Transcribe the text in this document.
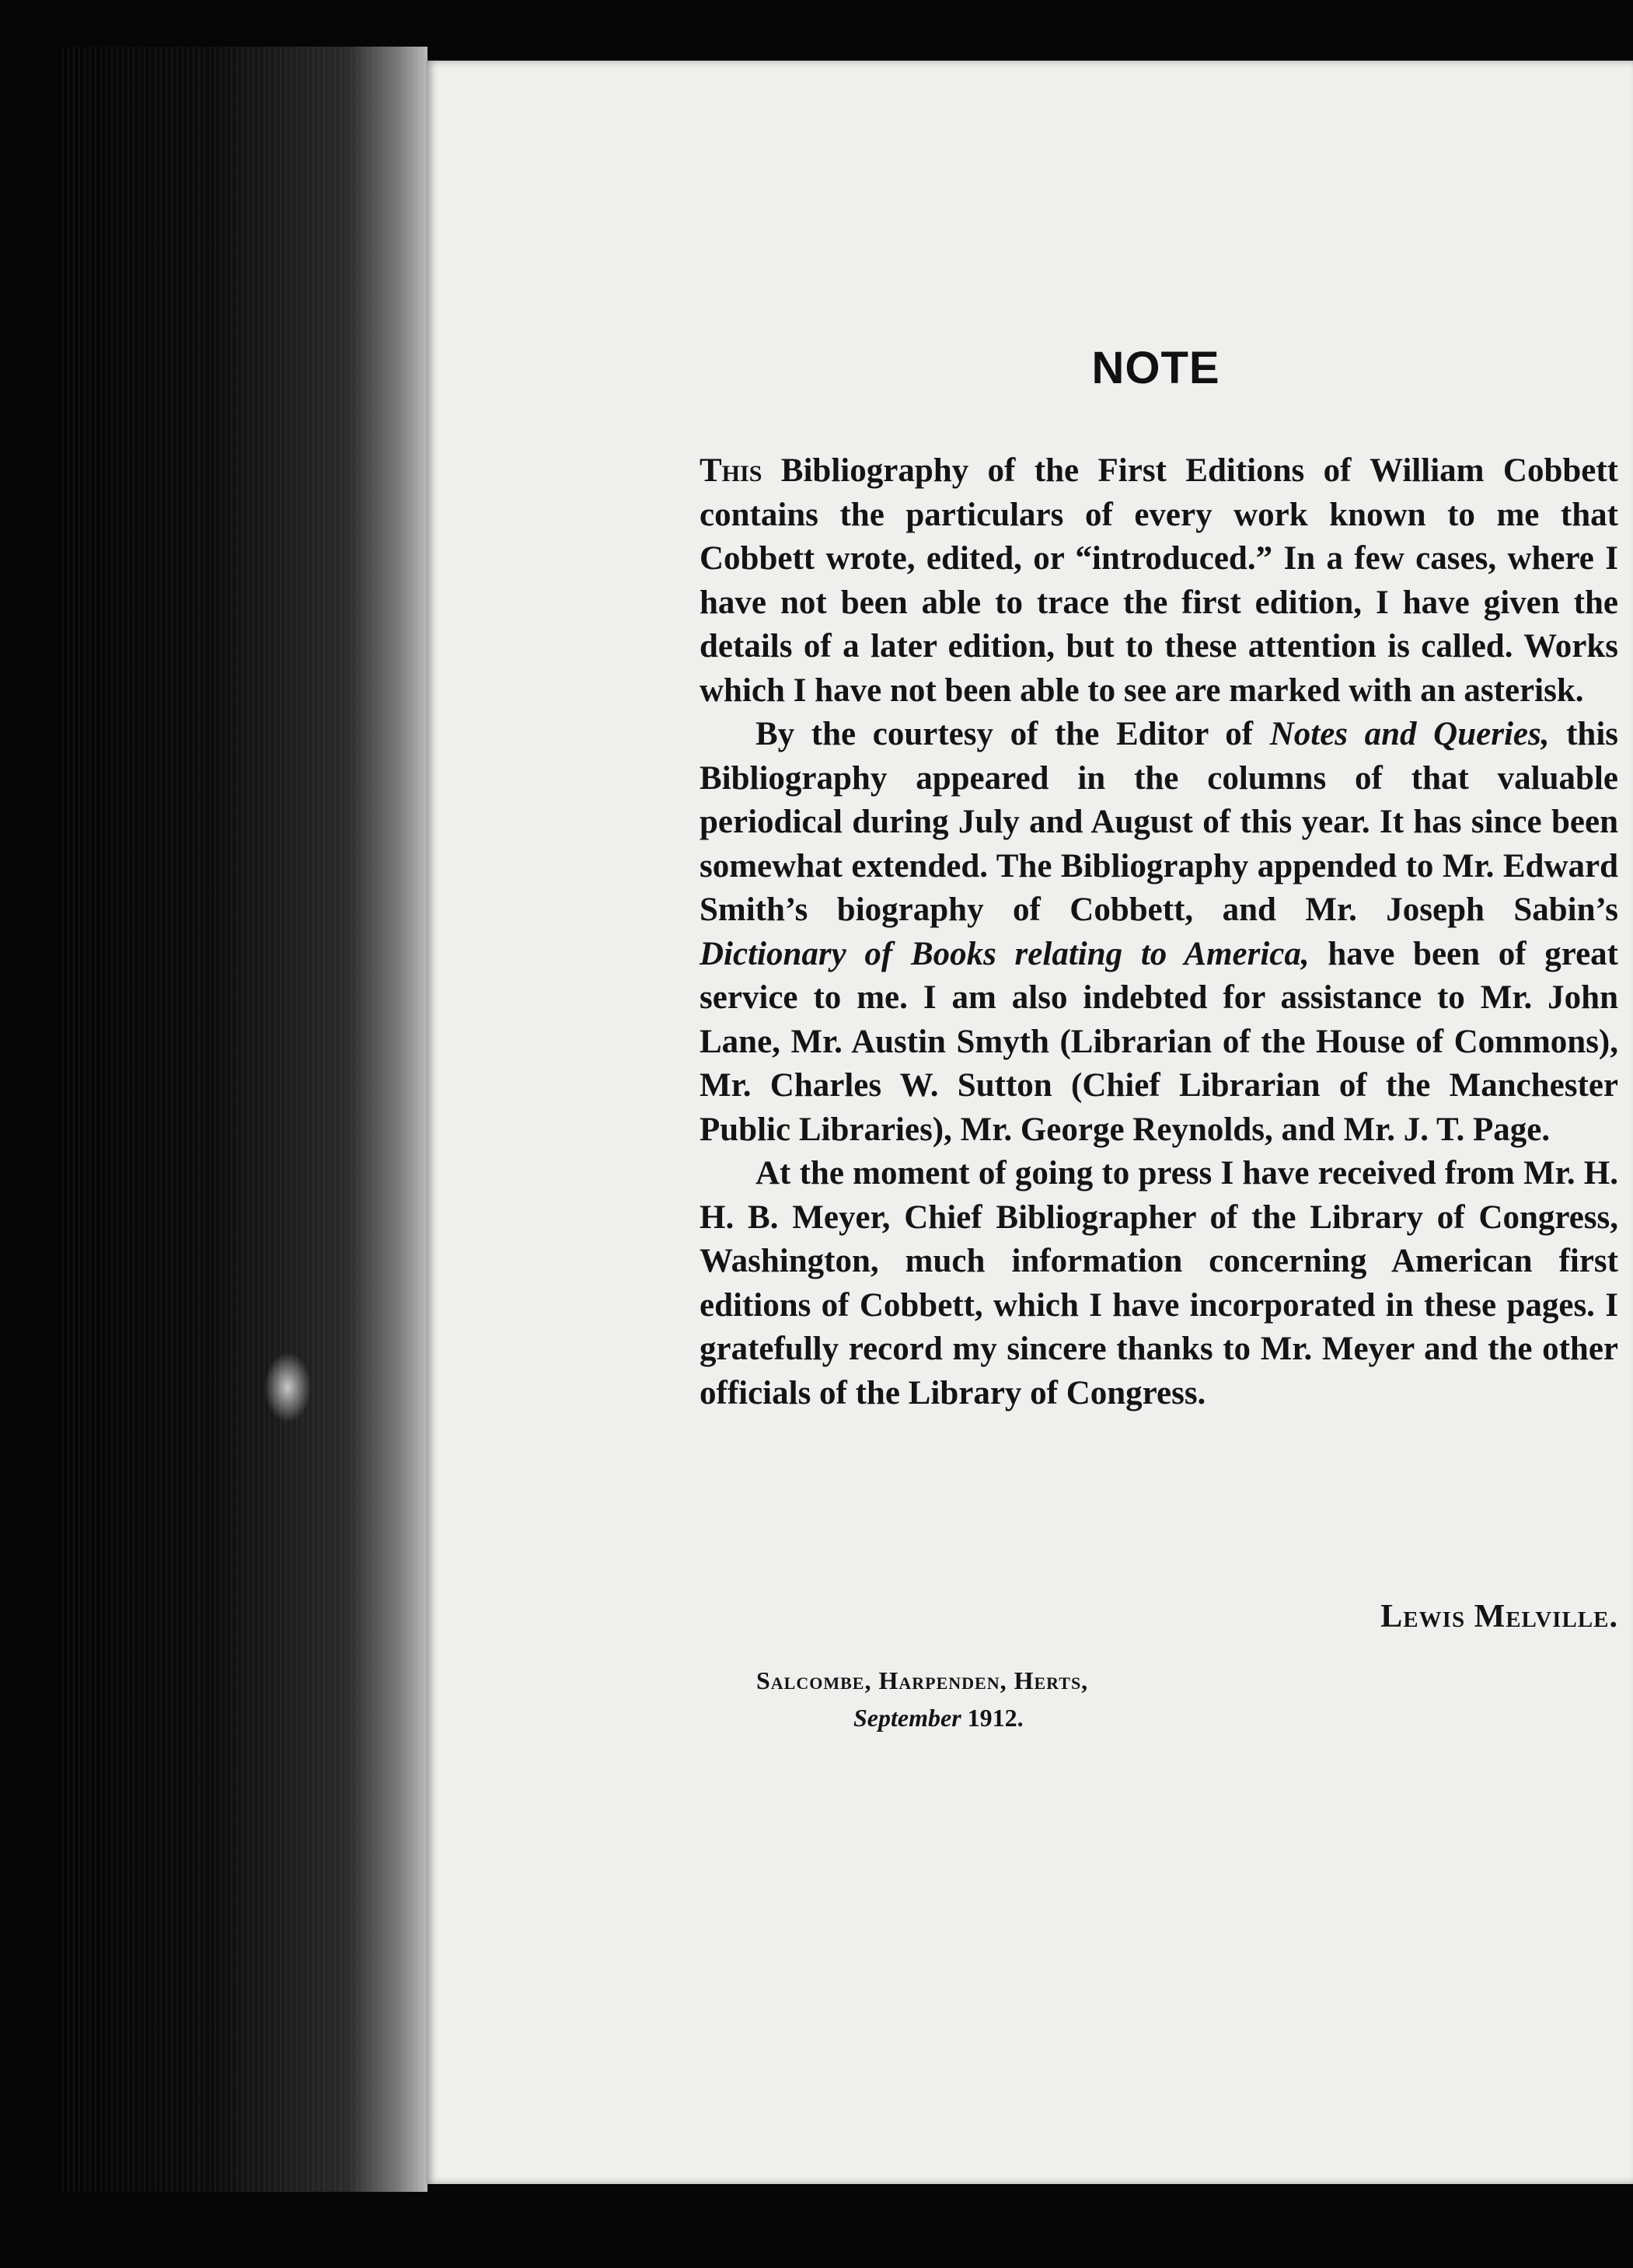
NOTE

This Bibliography of the First Editions of William Cobbett contains the particulars of every work known to me that Cobbett wrote, edited, or “introduced.” In a few cases, where I have not been able to trace the first edition, I have given the details of a later edition, but to these attention is called. Works which I have not been able to see are marked with an asterisk.

By the courtesy of the Editor of Notes and Queries, this Bibliography appeared in the columns of that valuable periodical during July and August of this year. It has since been somewhat extended. The Bibliography appended to Mr. Edward Smith’s biography of Cobbett, and Mr. Joseph Sabin’s Dictionary of Books relating to America, have been of great service to me. I am also indebted for assistance to Mr. John Lane, Mr. Austin Smyth (Librarian of the House of Commons), Mr. Charles W. Sutton (Chief Librarian of the Manchester Public Libraries), Mr. George Reynolds, and Mr. J. T. Page.

At the moment of going to press I have received from Mr. H. H. B. Meyer, Chief Bibliographer of the Library of Congress, Washington, much information concerning American first editions of Cobbett, which I have incorporated in these pages. I gratefully record my sincere thanks to Mr. Meyer and the other officials of the Library of Congress.

Lewis Melville.
Salcombe, Harpenden, Herts,
September 1912.
